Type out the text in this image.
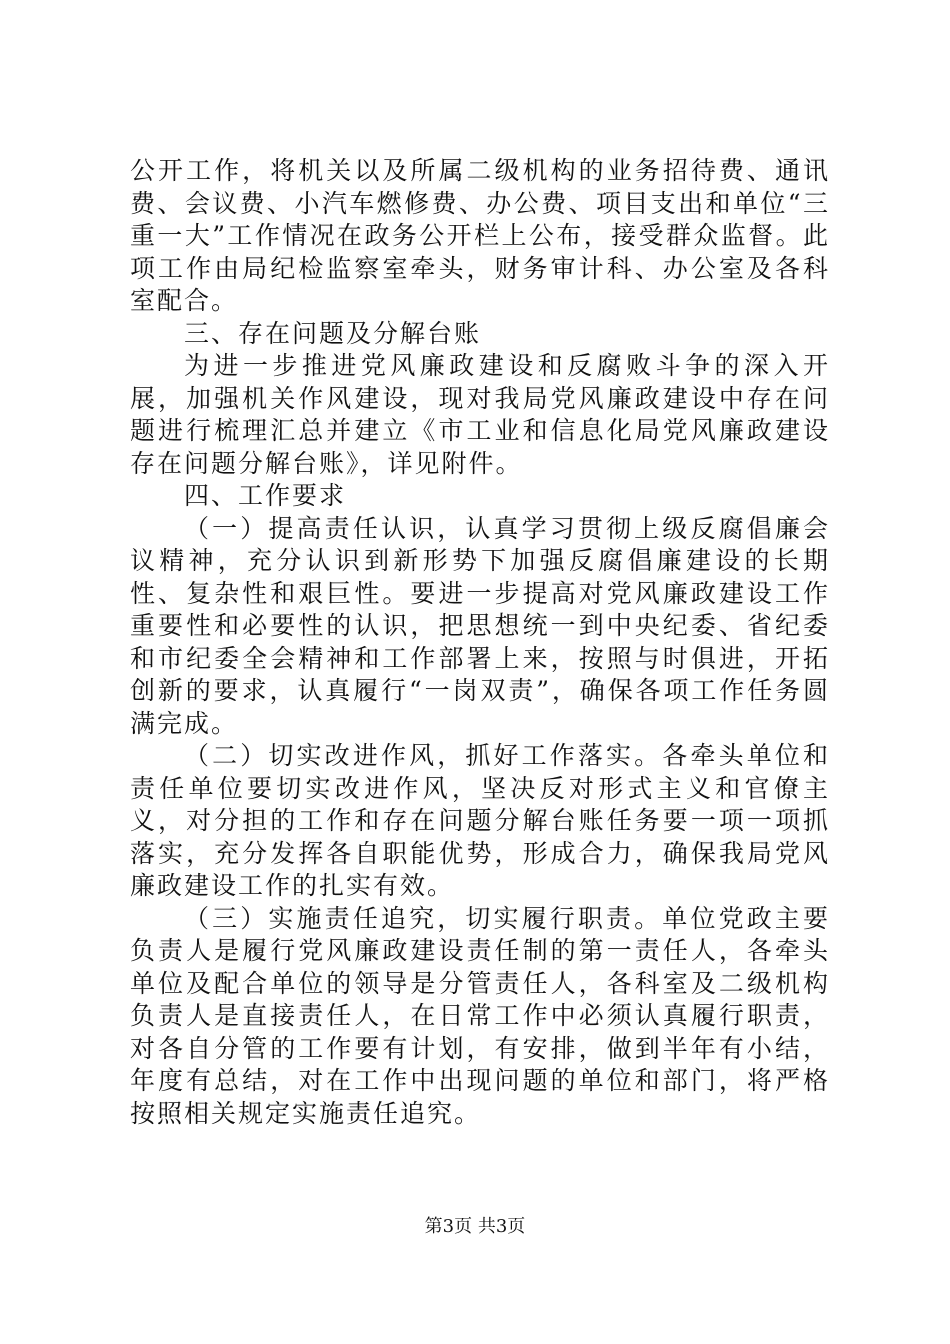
公开工作，将机关以及所属二级机构的业务招待费、通讯费、会议费、小汽车燃修费、办公费、项目支出和单位“三重一大”工作情况在政务公开栏上公布，接受群众监督。此项工作由局纪检监察室牵头，财务审计科、办公室及各科室配合。

三、存在问题及分解台账

为进一步推进党风廉政建设和反腐败斗争的深入开展，加强机关作风建设，现对我局党风廉政建设中存在问题进行梳理汇总并建立《市工业和信息化局党风廉政建设存在问题分解台账》，详见附件。

四、工作要求

（一）提高责任认识，认真学习贯彻上级反腐倡廉会议精神，充分认识到新形势下加强反腐倡廉建设的长期性、复杂性和艰巨性。要进一步提高对党风廉政建设工作重要性和必要性的认识，把思想统一到中央纪委、省纪委和市纪委全会精神和工作部署上来，按照与时俱进，开拓创新的要求，认真履行“一岗双责”，确保各项工作任务圆满完成。

（二）切实改进作风，抓好工作落实。各牵头单位和责任单位要切实改进作风，坚决反对形式主义和官僚主义，对分担的工作和存在问题分解台账任务要一项一项抓落实，充分发挥各自职能优势，形成合力，确保我局党风廉政建设工作的扎实有效。

（三）实施责任追究，切实履行职责。单位党政主要负责人是履行党风廉政建设责任制的第一责任人，各牵头单位及配合单位的领导是分管责任人，各科室及二级机构负责人是直接责任人，在日常工作中必须认真履行职责，对各自分管的工作要有计划，有安排，做到半年有小结，年度有总结，对在工作中出现问题的单位和部门，将严格按照相关规定实施责任追究。

第3页 共3页
